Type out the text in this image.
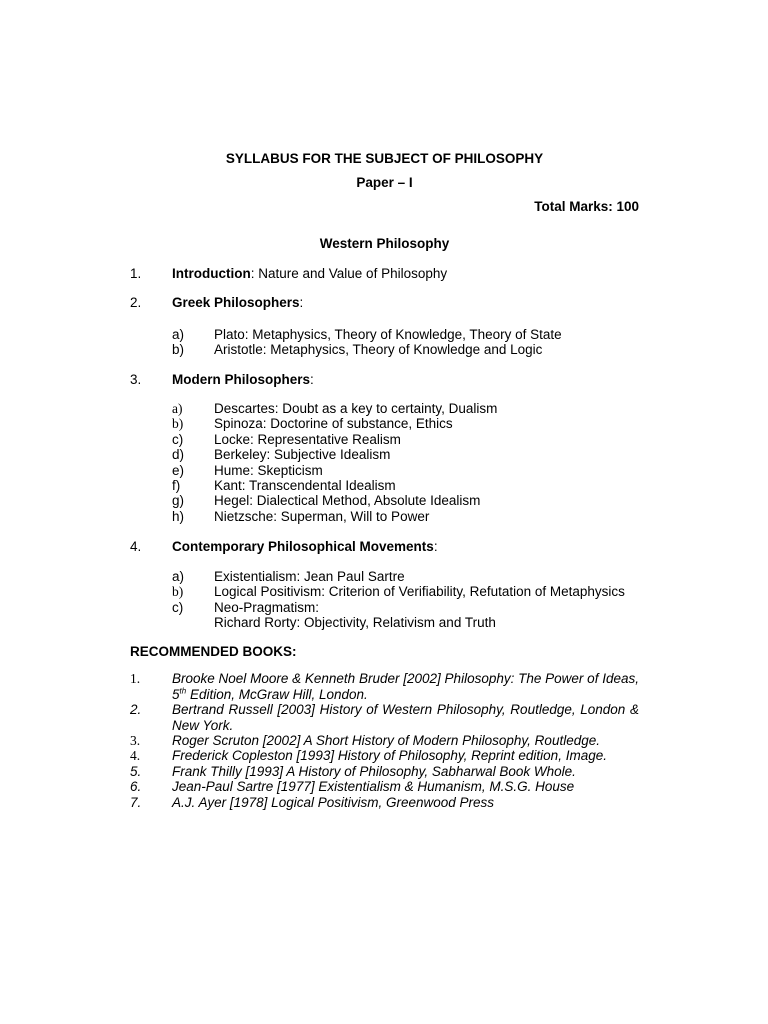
SYLLABUS FOR THE SUBJECT OF PHILOSOPHY
Paper – I
Total Marks: 100
Western Philosophy
1.	Introduction: Nature and Value of Philosophy
2.	Greek Philosophers:
a)	Plato: Metaphysics, Theory of Knowledge, Theory of State
b)	Aristotle: Metaphysics, Theory of Knowledge and Logic
3.	Modern Philosophers:
a)	Descartes: Doubt as a key to certainty, Dualism
b)	Spinoza: Doctorine of substance, Ethics
c)	Locke: Representative Realism
d)	Berkeley: Subjective Idealism
e)	Hume: Skepticism
f)	Kant: Transcendental Idealism
g)	Hegel: Dialectical Method, Absolute Idealism
h)	Nietzsche: Superman, Will to Power
4.	Contemporary Philosophical Movements:
a)	Existentialism: Jean Paul Sartre
b)	Logical Positivism: Criterion of Verifiability, Refutation of Metaphysics
c)	Neo-Pragmatism:
Richard Rorty: Objectivity, Relativism and Truth
RECOMMENDED BOOKS:
1.	Brooke Noel Moore & Kenneth Bruder [2002] Philosophy: The Power of Ideas, 5th Edition, McGraw Hill, London.
2.	Bertrand Russell [2003] History of Western Philosophy, Routledge, London & New York.
3.	Roger Scruton [2002] A Short History of Modern Philosophy, Routledge.
4.	Frederick Copleston [1993] History of Philosophy, Reprint edition, Image.
5.	Frank Thilly [1993] A History of Philosophy, Sabharwal Book Whole.
6.	Jean-Paul Sartre [1977] Existentialism & Humanism, M.S.G. House
7.	A.J. Ayer [1978] Logical Positivism, Greenwood Press
